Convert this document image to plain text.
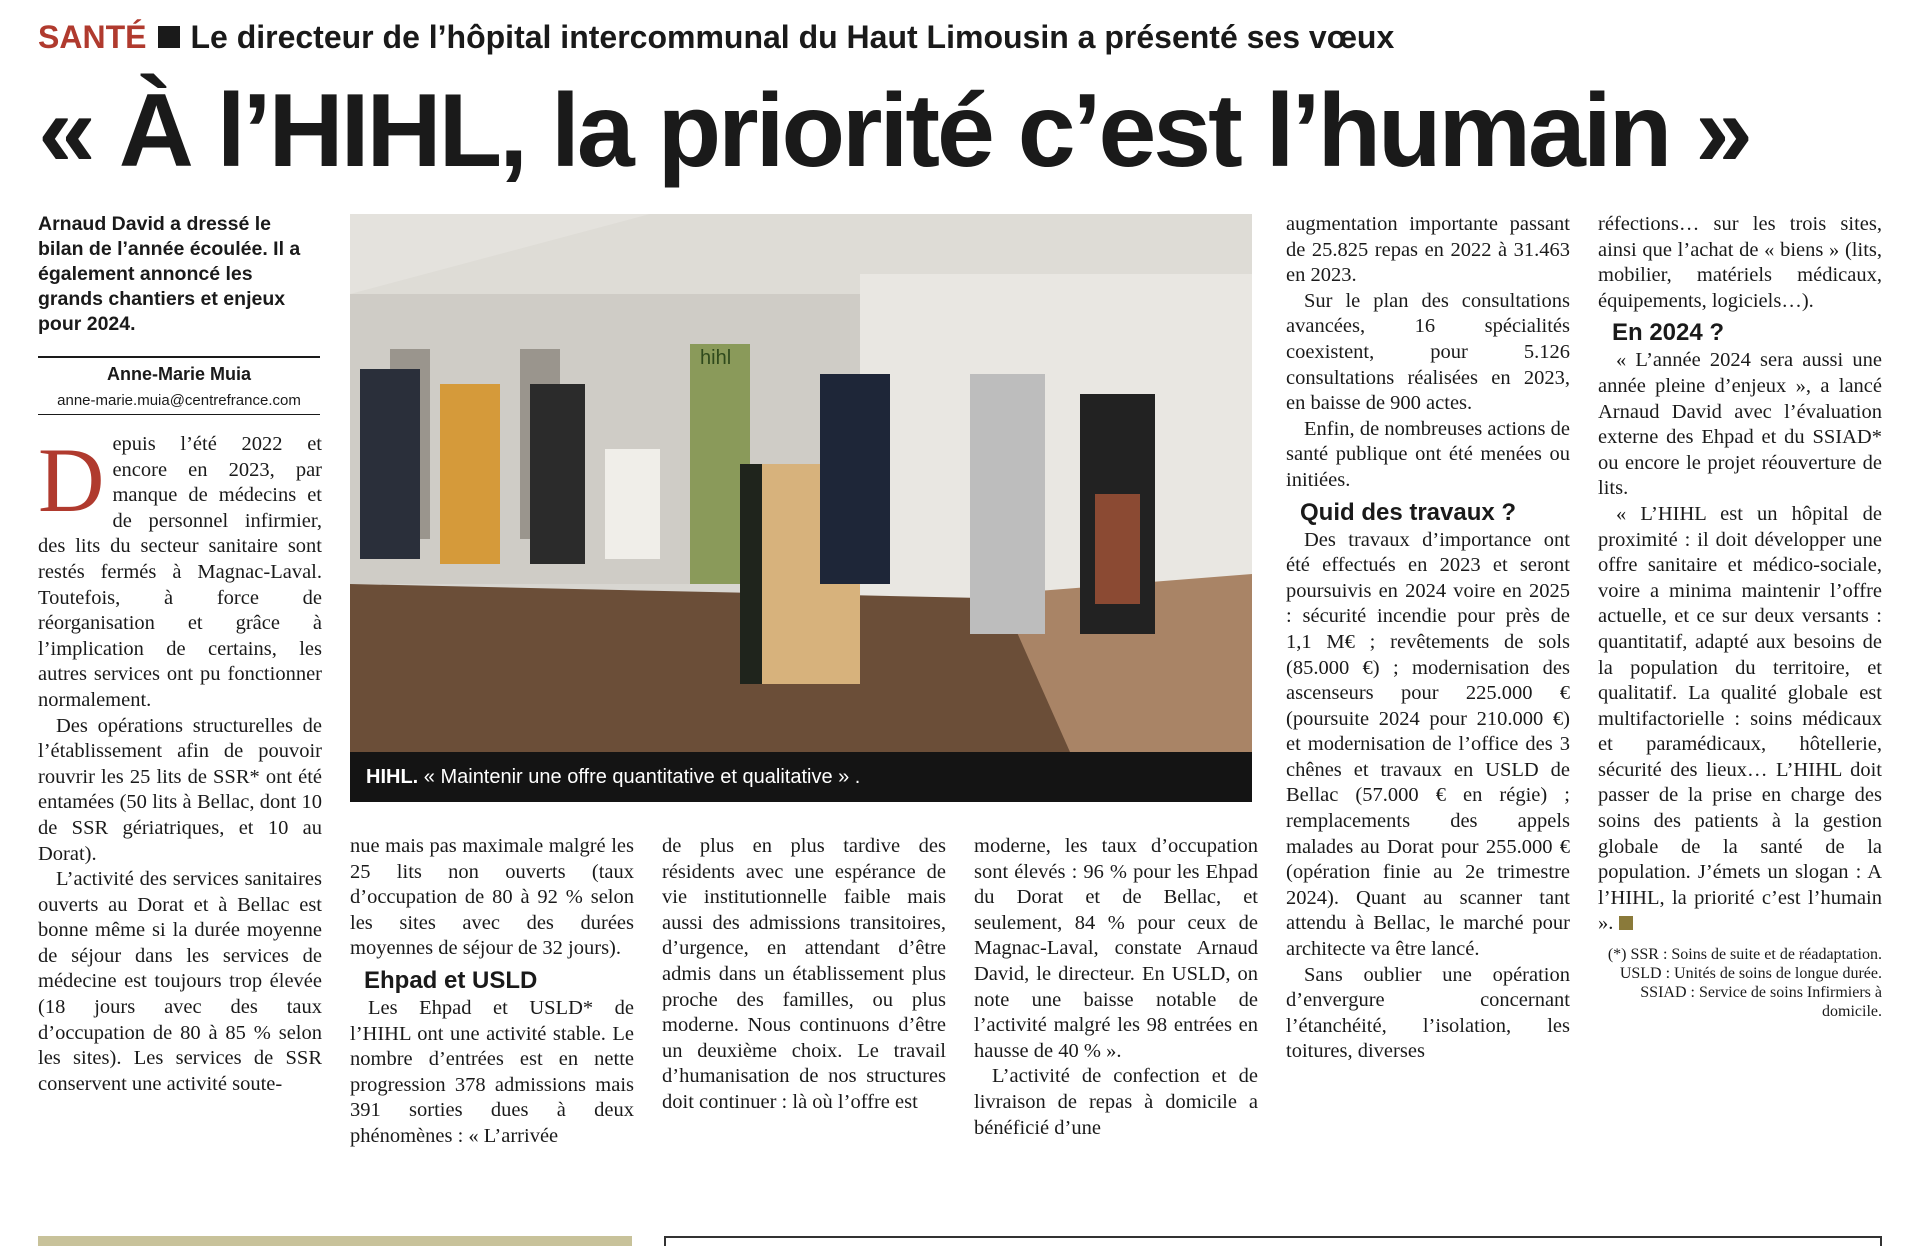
SANTÉ Le directeur de l’hôpital intercommunal du Haut Limousin a présenté ses vœux
« À l’HIHL, la priorité c’est l’humain »
Arnaud David a dressé le bilan de l’année écoulée. Il a également annoncé les grands chantiers et enjeux pour 2024.
Anne-Marie Muia
anne-marie.muia@centrefrance.com

Depuis l’été 2022 et encore en 2023, par manque de médecins et de personnel infirmier, des lits du secteur sanitaire sont restés fermés à Magnac-Laval. Toutefois, à force de réorganisation et grâce à l’implication de certains, les autres services ont pu fonctionner normalement.

Des opérations structurelles de l’établissement afin de pouvoir rouvrir les 25 lits de SSR* ont été entamées (50 lits à Bellac, dont 10 de SSR gériatriques, et 10 au Dorat).

L’activité des services sanitaires ouverts au Dorat et à Bellac est bonne même si la durée moyenne de séjour dans les services de médecine est toujours trop élevée (18 jours avec des taux d’occupation de 80 à 85 % selon les sites). Les services de SSR conservent une activité soute-

hihl
HIHL. « Maintenir une offre quantitative et qualitative » .

nue mais pas maximale malgré les 25 lits non ouverts (taux d’occupation de 80 à 92 % selon les sites avec des durées moyennes de séjour de 32 jours).

Ehpad et USLD

Les Ehpad et USLD* de l’HIHL ont une activité stable. Le nombre d’entrées est en nette progression 378 admissions mais 391 sorties dues à deux phénomènes : « L’arrivée

de plus en plus tardive des résidents avec une espérance de vie institutionnelle faible mais aussi des admissions transitoires, d’urgence, en attendant d’être admis dans un établissement plus proche des familles, ou plus moderne. Nous continuons d’être un deuxième choix. Le travail d’humanisation de nos structures doit continuer : là où l’offre est

moderne, les taux d’occupation sont élevés : 96 % pour les Ehpad du Dorat et de Bellac, et seulement, 84 % pour ceux de Magnac-Laval, constate Arnaud David, le directeur. En USLD, on note une baisse notable de l’activité malgré les 98 entrées en hausse de 40 % ».

L’activité de confection et de livraison de repas à domicile a bénéficié d’une

augmentation importante passant de 25.825 repas en 2022 à 31.463 en 2023.

Sur le plan des consultations avancées, 16 spécialités coexistent, pour 5.126 consultations réalisées en 2023, en baisse de 900 actes.

Enfin, de nombreuses actions de santé publique ont été menées ou initiées.

Quid des travaux ?

Des travaux d’importance ont été effectués en 2023 et seront poursuivis en 2024 voire en 2025 : sécurité incendie pour près de 1,1 M€ ; revêtements de sols (85.000 €) ; modernisation des ascenseurs pour 225.000 € (poursuite 2024 pour 210.000 €) et modernisation de l’office des 3 chênes et travaux en USLD de Bellac (57.000 € en régie) ; remplacements des appels malades au Dorat pour 255.000 € (opération finie au 2e trimestre 2024). Quant au scanner tant attendu à Bellac, le marché pour architecte va être lancé.

Sans oublier une opération d’envergure concernant l’étanchéité, l’isolation, les toitures, diverses

réfections… sur les trois sites, ainsi que l’achat de « biens » (lits, mobilier, matériels médicaux, équipements, logiciels…).

En 2024 ?

« L’année 2024 sera aussi une année pleine d’enjeux », a lancé Arnaud David avec l’évaluation externe des Ehpad et du SSIAD* ou encore le projet réouverture de lits.

« L’HIHL est un hôpital de proximité : il doit développer une offre sanitaire et médico-sociale, voire a minima maintenir l’offre actuelle, et ce sur deux versants : quantitatif, adapté aux besoins de la population du territoire, et qualitatif. La qualité globale est multifactorielle : soins médicaux et paramédicaux, hôtellerie, sécurité des lieux… L’HIHL doit passer de la prise en charge des soins des patients à la gestion globale de la santé de la population. J’émets un slogan : A l’HIHL, la priorité c’est l’humain ».

(*) SSR : Soins de suite et de réadaptation. USLD : Unités de soins de longue durée. SSIAD : Service de soins Infirmiers à domicile.
